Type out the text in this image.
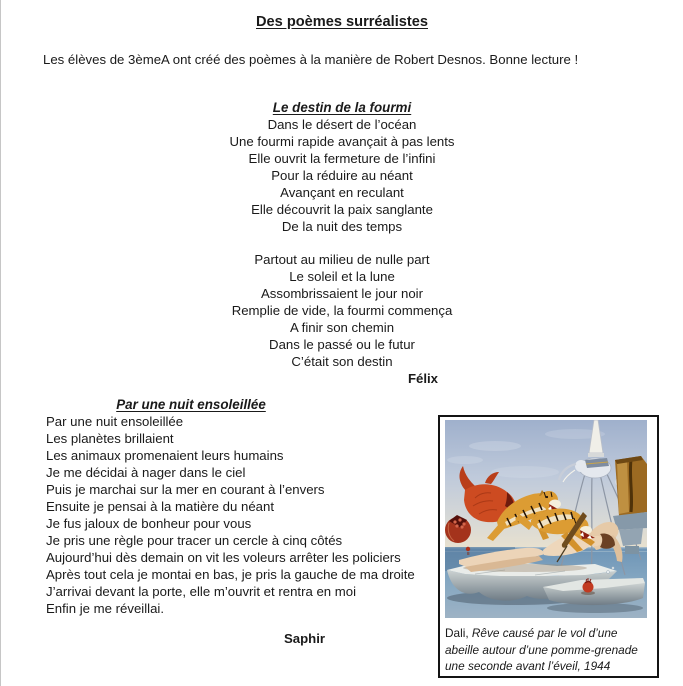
Des poèmes surréalistes

Les élèves de 3èmeA ont créé des poèmes à la manière de Robert Desnos. Bonne lecture !

Le destin de la fourmi
Dans le désert de l’océan
Une fourmi rapide avançait à pas lents
Elle ouvrit la fermeture de l’infini
Pour la réduire au néant
Avançant en reculant
Elle découvrit la paix sanglante
De la nuit des temps
Partout au milieu de nulle part
Le soleil et la lune
Assombrissaient le jour noir
Remplie de vide, la fourmi commença
A finir son chemin
Dans le passé ou le futur
C’était son destin
Félix
Par une nuit ensoleillée
Par une nuit ensoleillée
Les planètes brillaient
Les animaux promenaient leurs humains
Je me décidai à nager dans le ciel
Puis je marchai sur la mer en courant à l’envers
Ensuite je pensai à la matière du néant
Je fus jaloux de bonheur pour vous
Je pris une règle pour tracer un cercle à cinq côtés
Aujourd’hui dès demain on vit les voleurs arrêter les policiers
Après tout cela je montai en bas, je pris la gauche de ma droite
J’arrivai devant la porte, elle m’ouvrit et rentra en moi
Enfin je me réveillai.
Saphir	Dali, Rêve causé par le vol d’une abeille autour d’une pomme-grenade une seconde avant l’éveil, 1944
